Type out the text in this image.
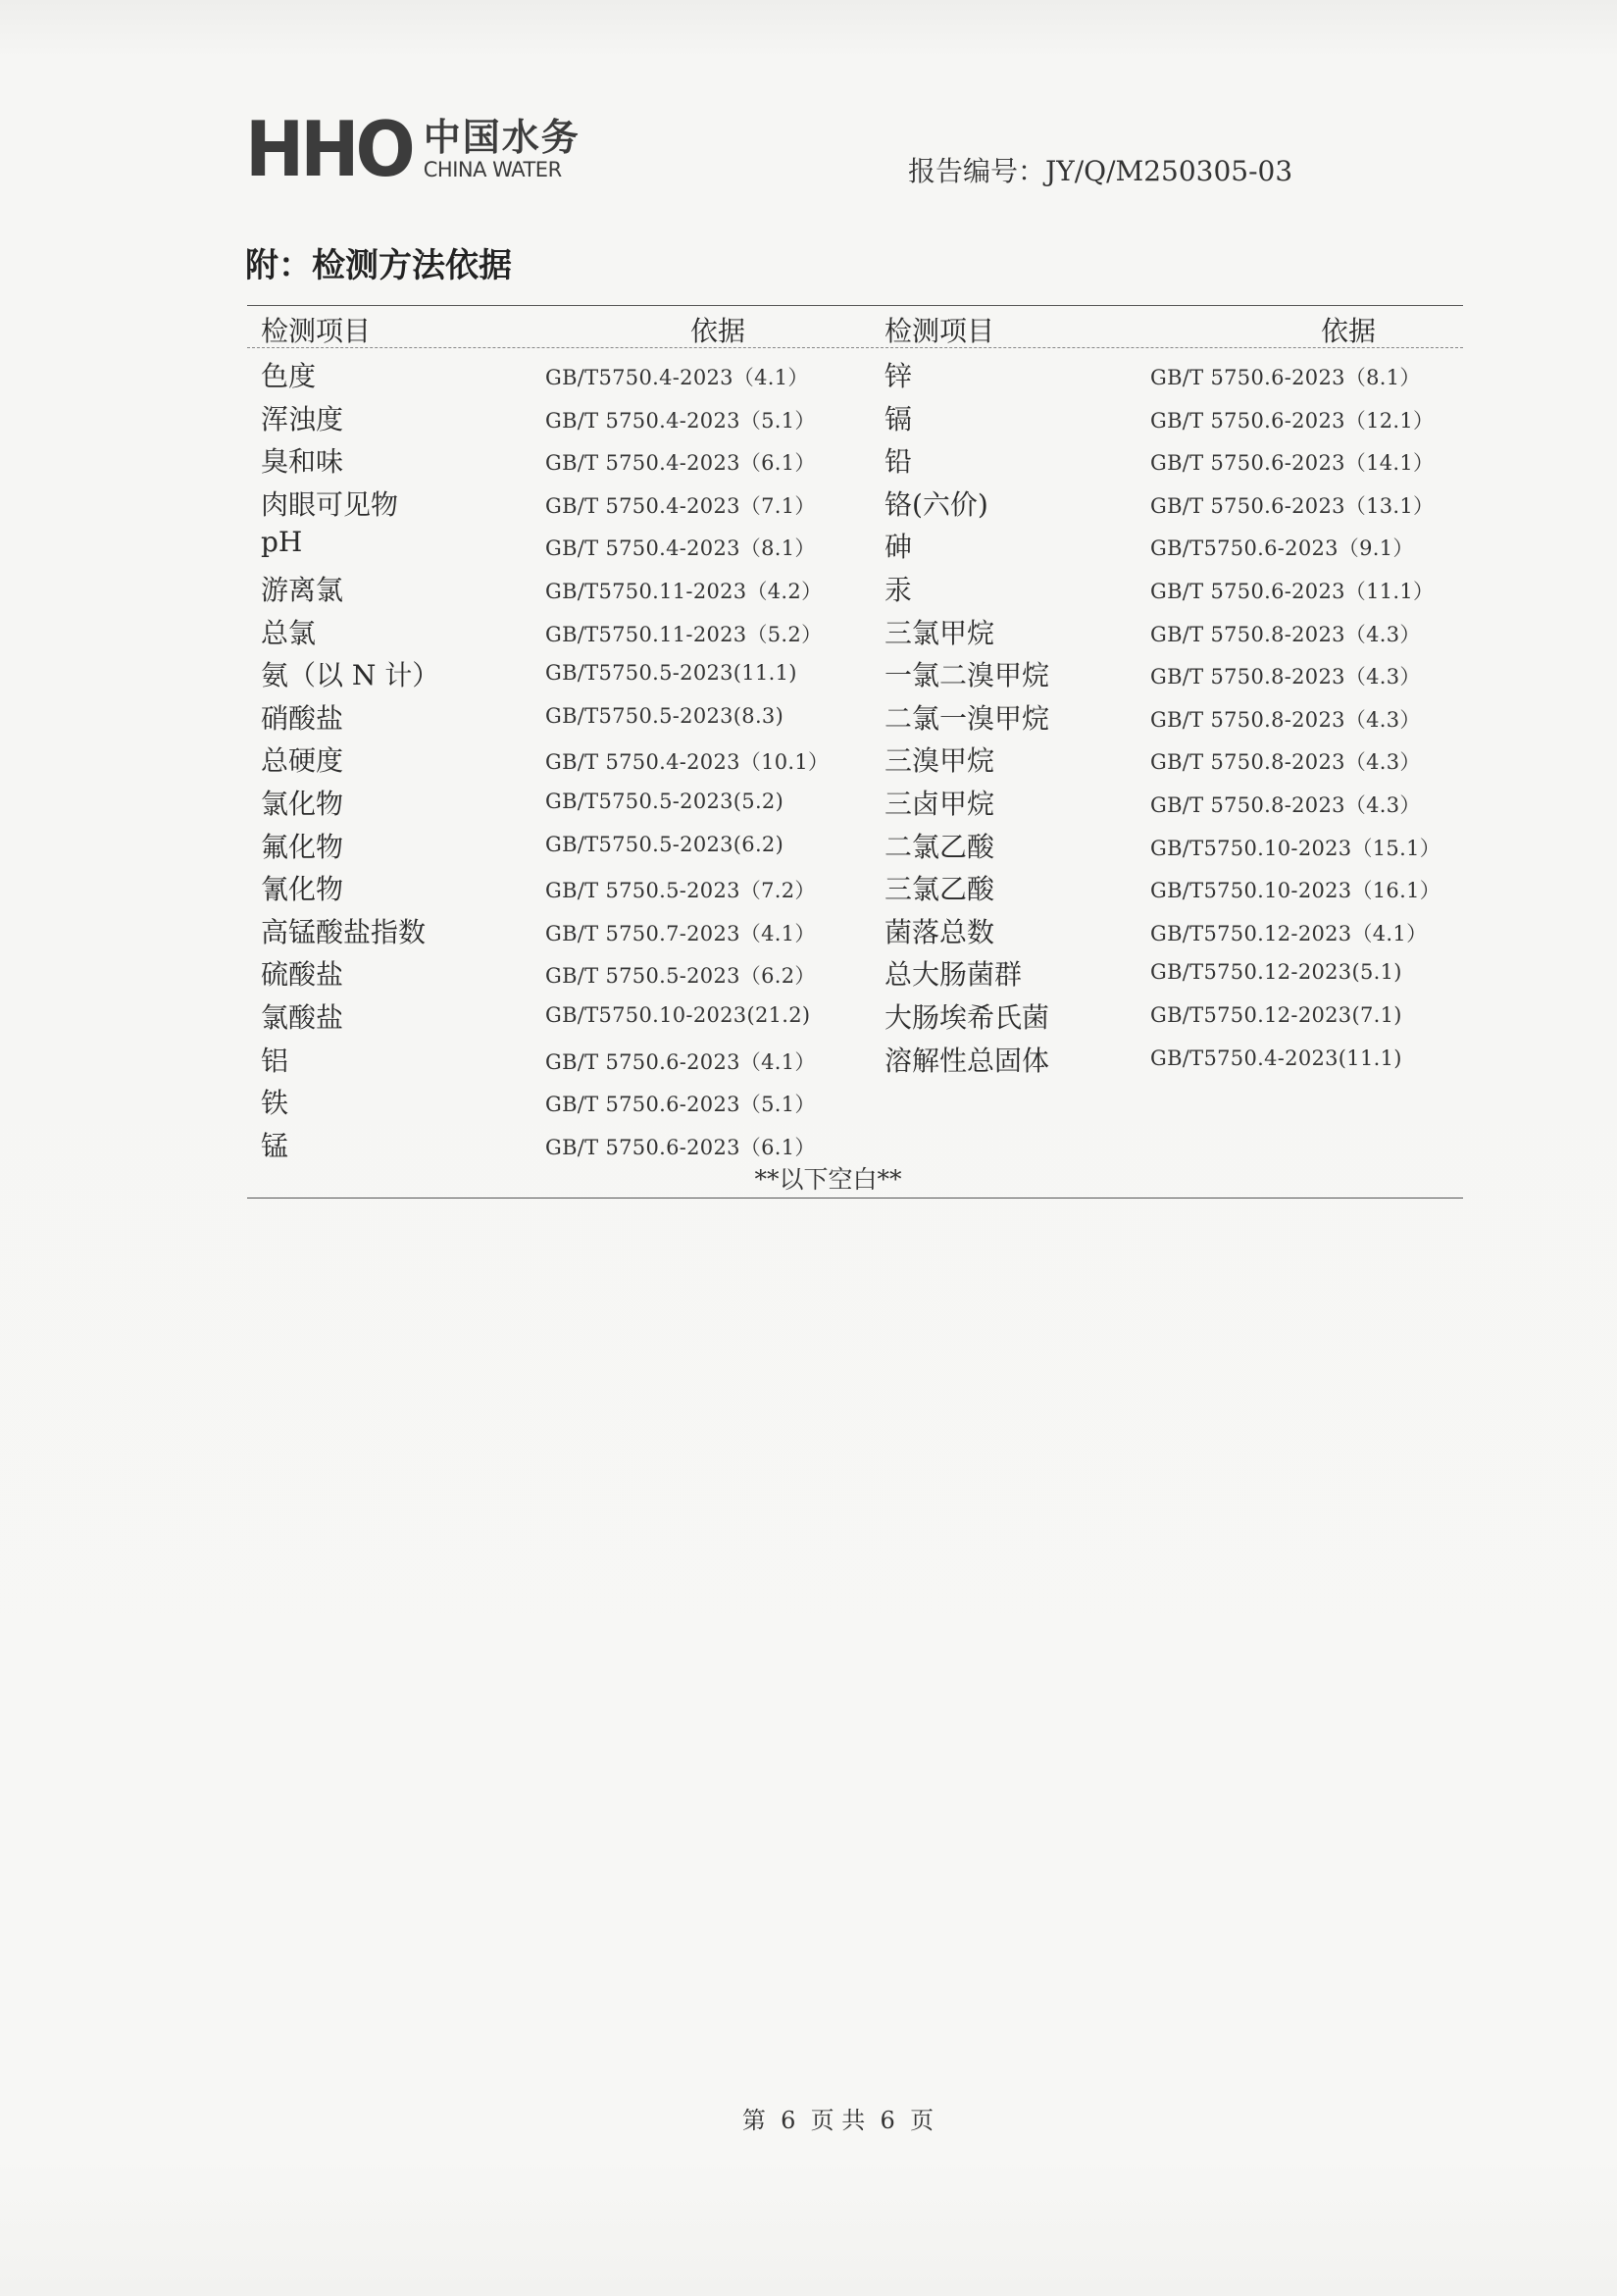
HHO 中国水务
CHINA WATER	报告编号：JY/Q/M250305-03
附：检测方法依据
检测项目	依据	检测项目	依据
色度	GB/T5750.4-2023（4.1）	锌	GB/T 5750.6-2023（8.1）
浑浊度	GB/T 5750.4-2023（5.1）	镉	GB/T 5750.6-2023（12.1）
臭和味	GB/T 5750.4-2023（6.1）	铅	GB/T 5750.6-2023（14.1）
肉眼可见物	GB/T 5750.4-2023（7.1）	铬(六价)	GB/T 5750.6-2023（13.1）
pH	GB/T 5750.4-2023（8.1）	砷	GB/T5750.6-2023（9.1）
游离氯	GB/T5750.11-2023（4.2） 汞	GB/T 5750.6-2023（11.1）
总氯	GB/T5750.11-2023（5.2） 三氯甲烷	GB/T 5750.8-2023（4.3）
氨（以 N 计）	GB/T5750.5-2023(11.1)	一氯二溴甲烷	GB/T 5750.8-2023（4.3）
硝酸盐	GB/T5750.5-2023(8.3)	二氯一溴甲烷	GB/T 5750.8-2023（4.3）
总硬度	GB/T 5750.4-2023（10.1） 三溴甲烷	GB/T 5750.8-2023（4.3）
氯化物	GB/T5750.5-2023(5.2)	三卤甲烷	GB/T 5750.8-2023（4.3）
氟化物	GB/T5750.5-2023(6.2)	二氯乙酸	GB/T5750.10-2023（15.1）
氰化物	GB/T 5750.5-2023（7.2）	三氯乙酸	GB/T5750.10-2023（16.1）
高锰酸盐指数	GB/T 5750.7-2023（4.1）	菌落总数	GB/T5750.12-2023（4.1）
硫酸盐	GB/T 5750.5-2023（6.2）	总大肠菌群	GB/T5750.12-2023(5.1)
氯酸盐	GB/T5750.10-2023(21.2)	大肠埃希氏菌	GB/T5750.12-2023(7.1)
铝	GB/T 5750.6-2023（4.1）	溶解性总固体	GB/T5750.4-2023(11.1)
铁	GB/T 5750.6-2023（5.1）
锰	GB/T 5750.6-2023（6.1）
**以下空白**
第  6  页 共  6  页
